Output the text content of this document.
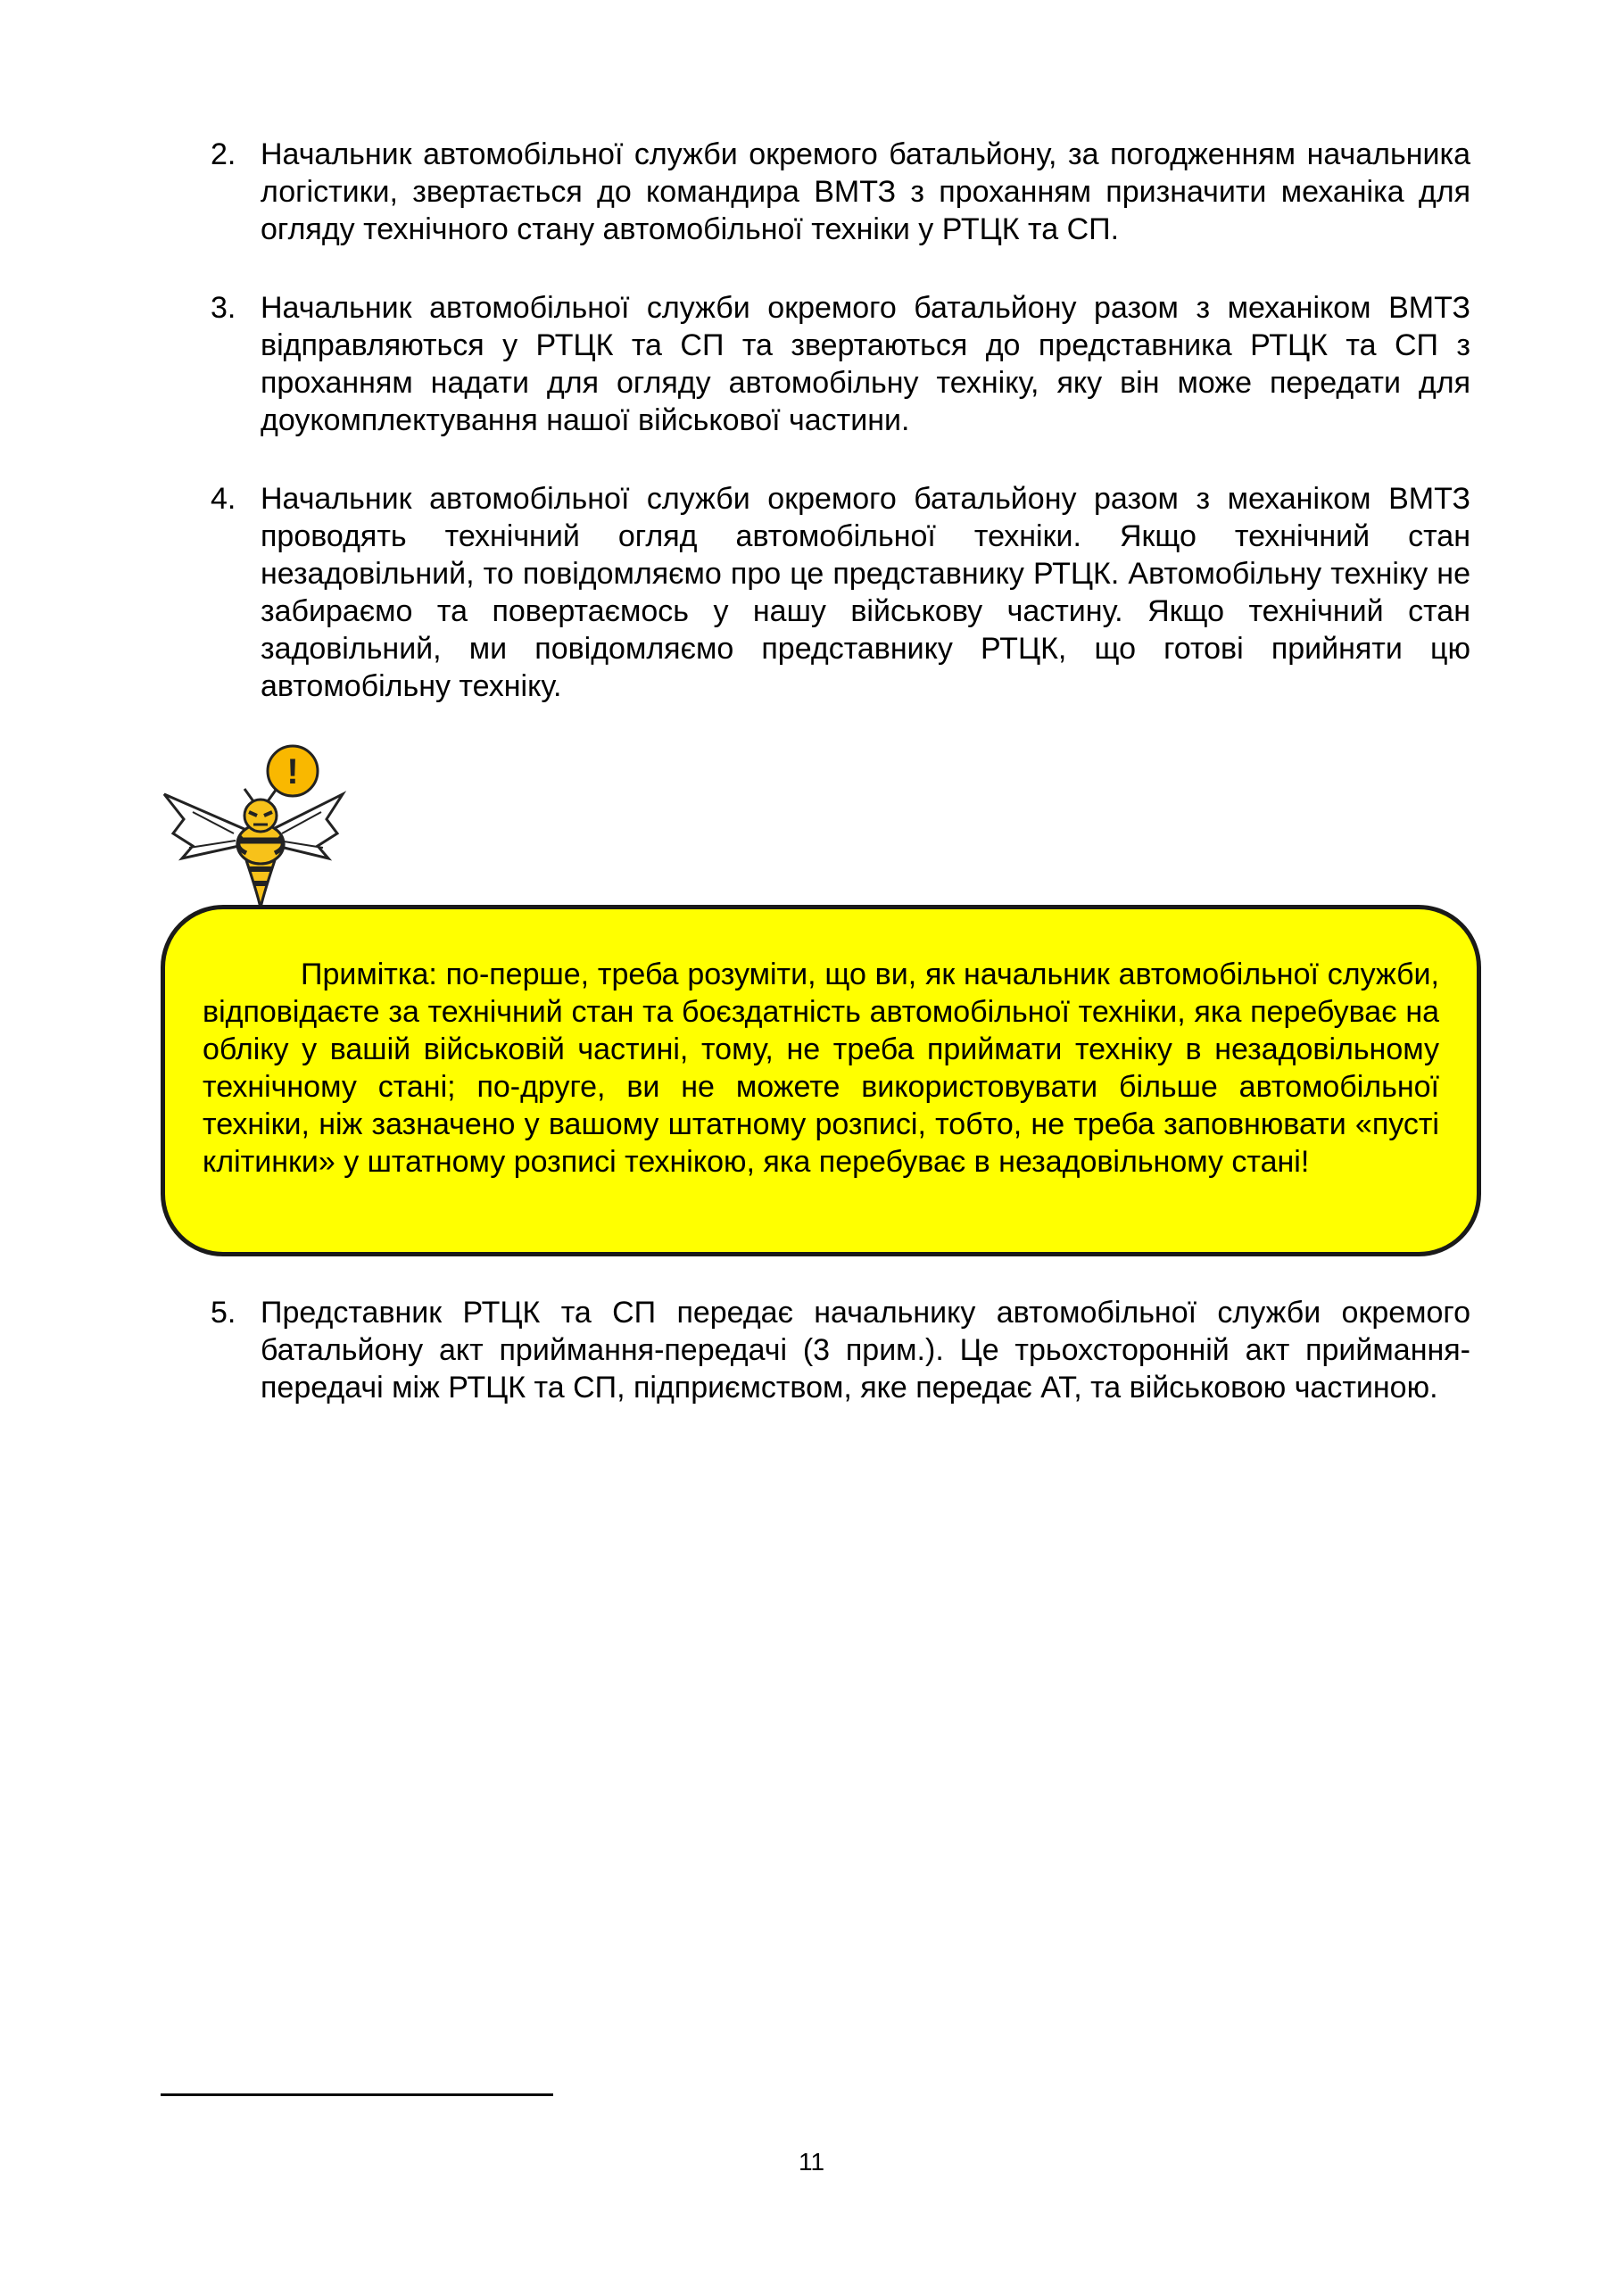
2. Начальник автомобільної служби окремого батальйону, за погодженням начальника логістики, звертається до командира ВМТЗ з проханням призначити механіка для огляду технічного стану автомобільної техніки у РТЦК та СП.
3. Начальник автомобільної служби окремого батальйону разом з механіком ВМТЗ відправляються у РТЦК та СП та звертаються до представника РТЦК та СП з проханням надати для огляду автомобільну техніку, яку він може передати для доукомплектування нашої військової частини.
4. Начальник автомобільної служби окремого батальйону разом з механіком ВМТЗ проводять технічний огляд автомобільної техніки. Якщо технічний стан незадовільний, то повідомляємо про це представнику РТЦК. Автомобільну техніку не забираємо та повертаємось у нашу військову частину. Якщо технічний стан задовільний, ми повідомляємо представнику РТЦК, що готові прийняти цю автомобільну техніку.
!

Примітка: по-перше, треба розуміти, що ви, як начальник автомобільної служби, відповідаєте за технічний стан та боєздатність автомобільної техніки, яка перебуває на обліку у вашій військовій частині, тому, не треба приймати техніку в незадовільному технічному стані; по-друге, ви не можете використовувати більше автомобільної техніки, ніж зазначено у вашому штатному розписі, тобто, не треба заповнювати «пусті клітинки» у штатному розписі технікою, яка перебуває в незадовільному стані!

5. Представник РТЦК та СП передає начальнику автомобільної служби окремого батальйону акт приймання-передачі (3 прим.). Це трьохсторонній акт приймання-передачі між РТЦК та СП, підприємством, яке передає АТ, та військовою частиною.
11
